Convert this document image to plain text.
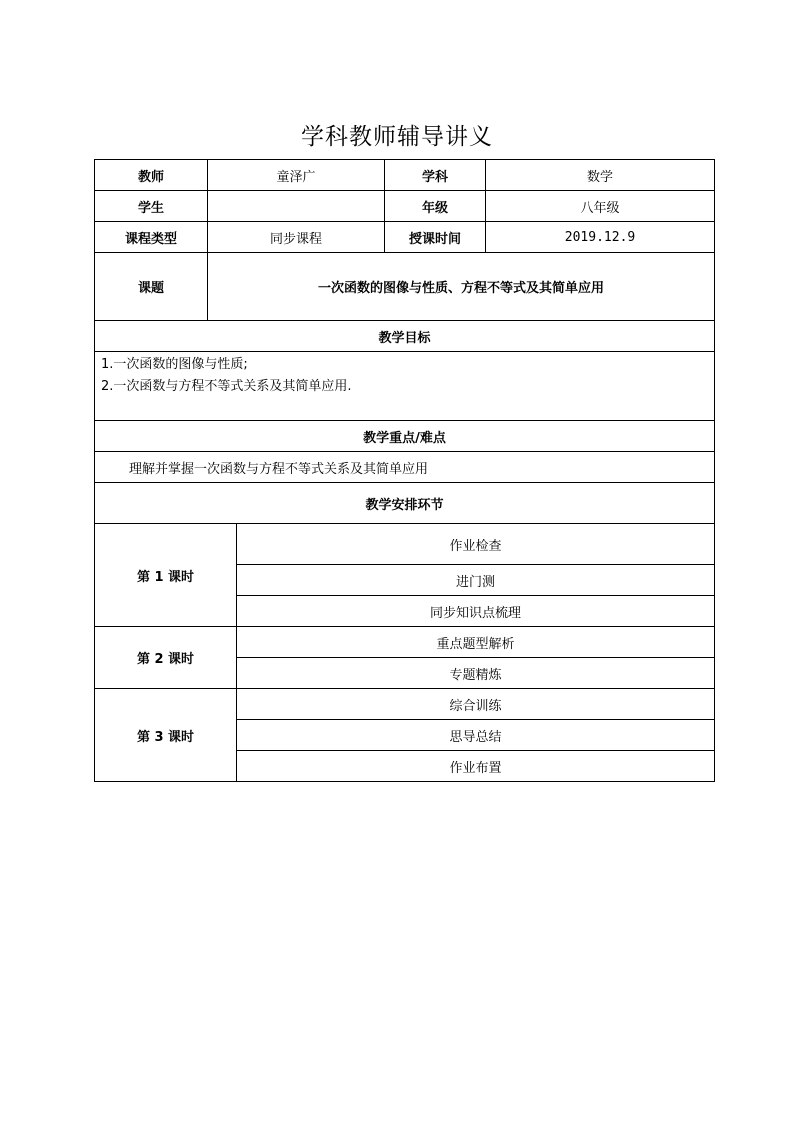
学科教师辅导讲义
教师	童泽广		学科	数学
学生			年级	八年级
课程类型	同步课程		授课时间	2019.12.9
课题	一次函数的图像与性质、方程不等式及其简单应用			
教学目标				

1.一次函数的图像与性质;
2.一次函数与方程不等式关系及其简单应用.				

教学重点/难点				
理解并掌握一次函数与方程不等式关系及其简单应用				
教学安排环节				
第 1 课时		作业检查		
		进门测		
		同步知识点梳理		
第 2 课时		重点题型解析		
		专题精炼		
第 3 课时		综合训练		
		思导总结		
		作业布置		
